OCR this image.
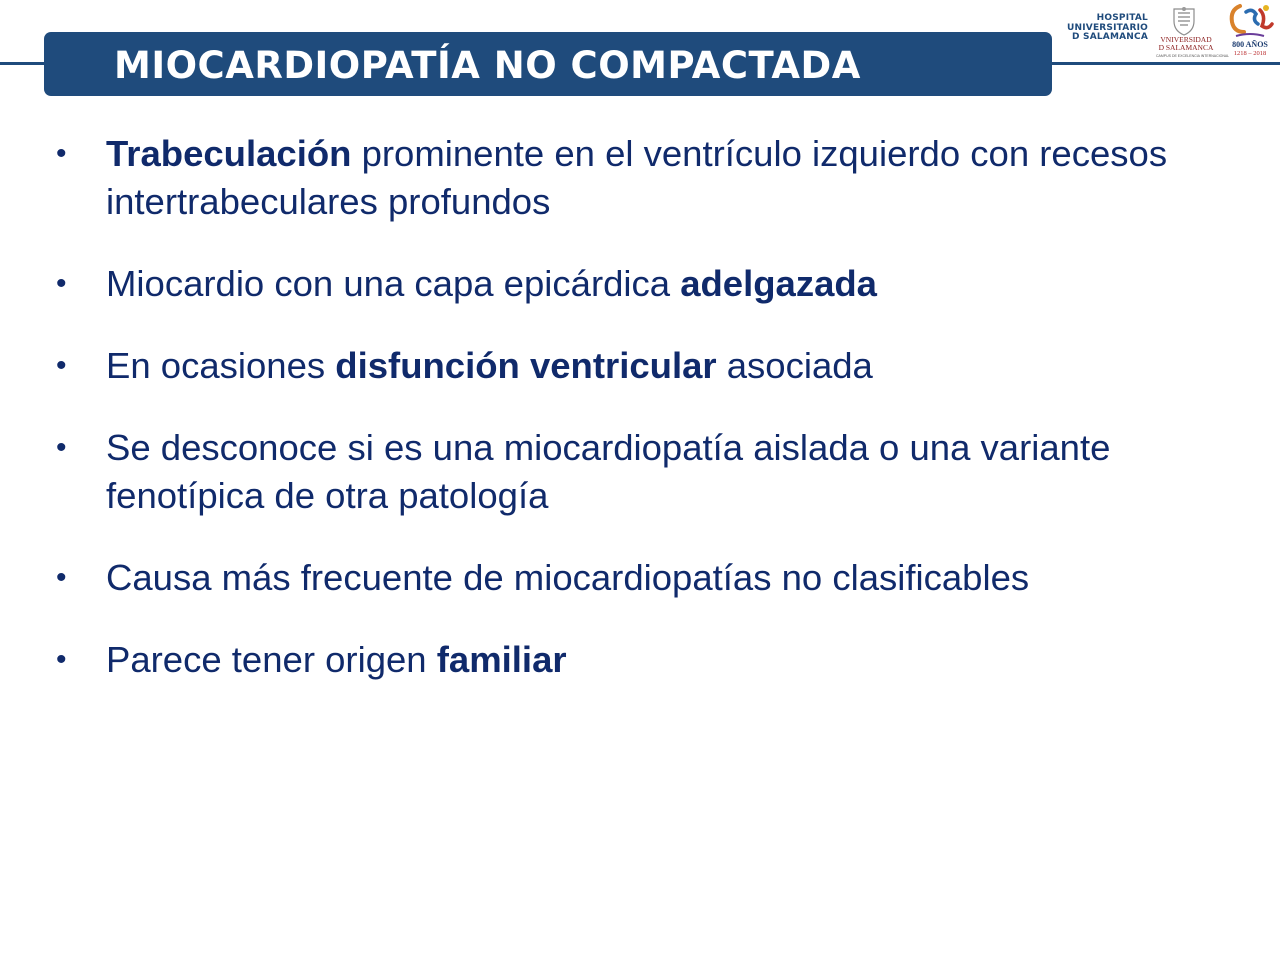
MIOCARDIOPATÍA NO COMPACTADA
HOSPITAL
UNIVERSITARIO
D SALAMANCA	VNIVERSIDAD
D SALAMANCA
CAMPUS DE EXCELENCIA INTERNACIONAL
800 AÑOS
1218 – 2018
• Trabeculación prominente en el ventrículo izquierdo con recesos intertrabeculares profundos
• Miocardio con una capa epicárdica adelgazada
• En ocasiones disfunción ventricular asociada
• Se desconoce si es una miocardiopatía aislada o una variante fenotípica de otra patología
• Causa más frecuente de miocardiopatías no clasificables
• Parece tener origen familiar
